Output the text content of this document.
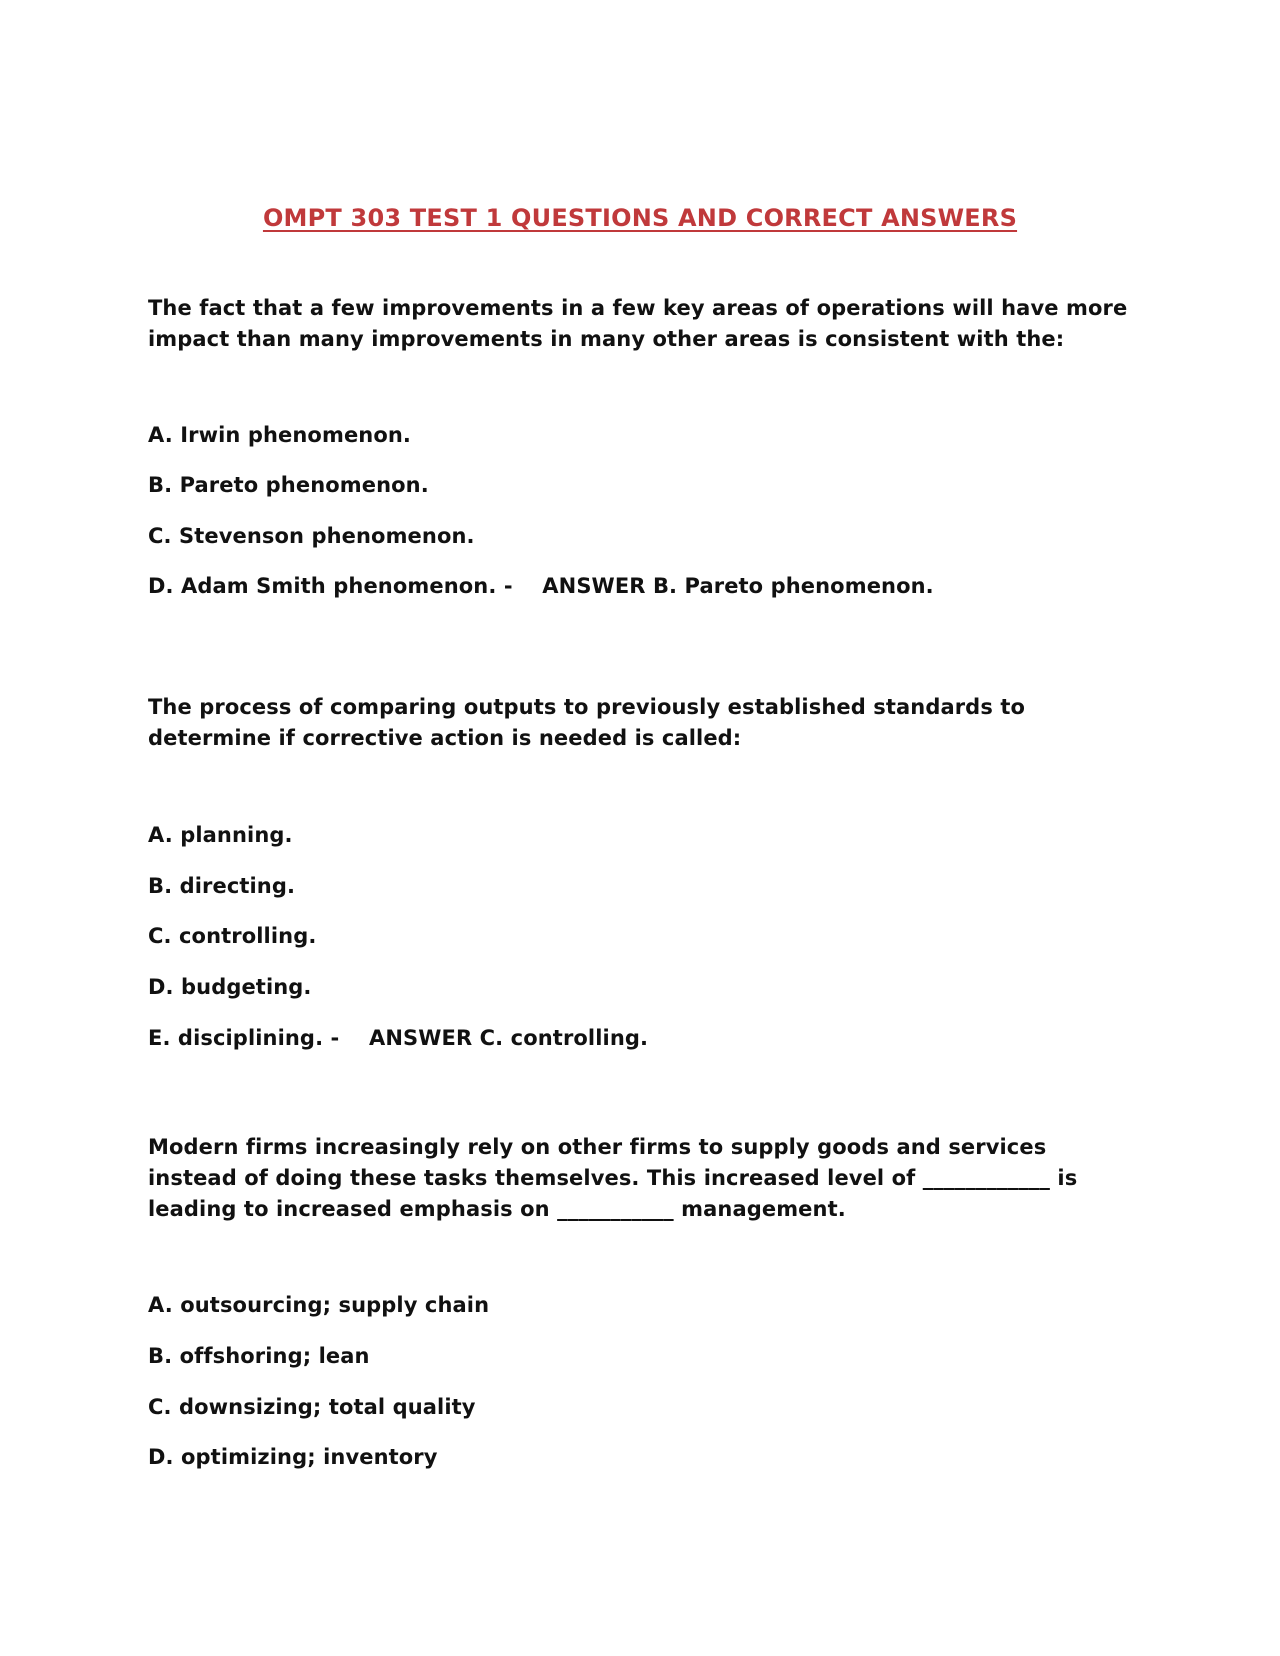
OMPT 303 TEST 1 QUESTIONS AND CORRECT ANSWERS
The fact that a few improvements in a few key areas of operations will have more impact than many improvements in many other areas is consistent with the:
A. Irwin phenomenon.
B. Pareto phenomenon.
C. Stevenson phenomenon.
D. Adam Smith phenomenon. - ANSWER B. Pareto phenomenon.
The process of comparing outputs to previously established standards to determine if corrective action is needed is called:
A. planning.
B. directing.
C. controlling.
D. budgeting.
E. disciplining. - ANSWER C. controlling.
Modern firms increasingly rely on other firms to supply goods and services instead of doing these tasks themselves. This increased level of ____________ is leading to increased emphasis on ___________ management.
A. outsourcing; supply chain
B. offshoring; lean
C. downsizing; total quality
D. optimizing; inventory
